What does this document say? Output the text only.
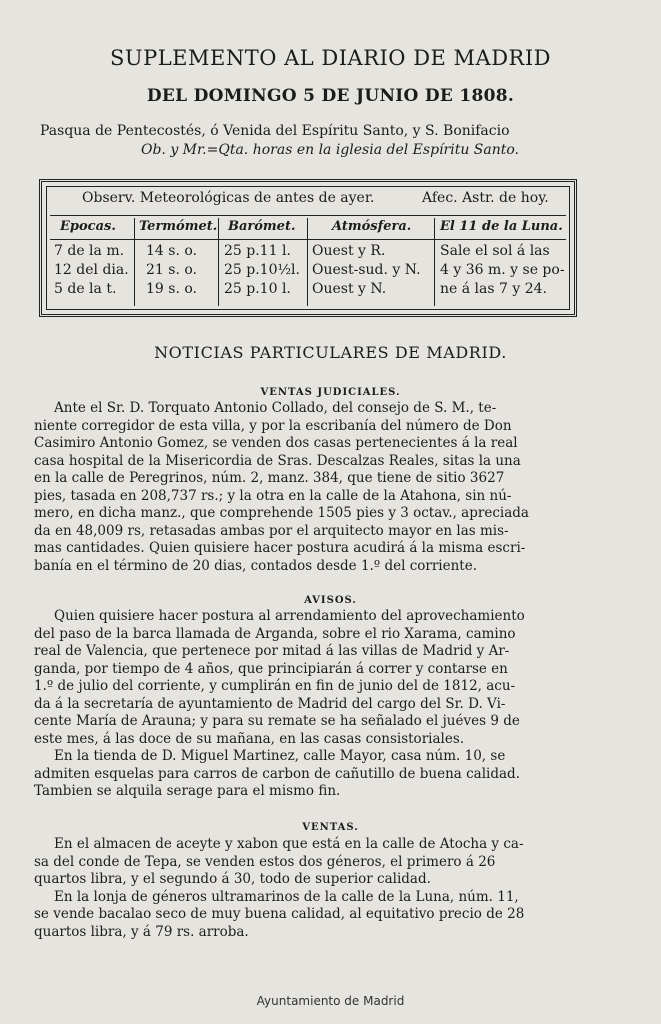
SUPLEMENTO AL DIARIO DE MADRID
DEL DOMINGO 5 DE JUNIO DE 1808.
Pasqua de Pentecostés, ó Venida del Espíritu Santo, y S. Bonifacio
Ob. y Mr.=Qta. horas en la iglesia del Espíritu Santo.
Observ. Meteorológicas de antes de ayer.	Afec. Astr. de hoy.
Epocas. Termómet. Barómet.	Atmósfera. El 11 de la Luna.
7 de la m.
12 del dia.
5 de la t.
14 s. o.
21 s. o.
19 s. o.
25 p.11 l.
25 p.10½l.
25 p.10 l.
Ouest y R.
Ouest-sud. y N.
Ouest y N.
Sale el sol á las
4 y 36 m. y se po-
ne á las 7 y 24.
NOTICIAS PARTICULARES DE MADRID.
VENTAS JUDICIALES.
Ante el Sr. D. Torquato Antonio Collado, del consejo de S. M., te-
niente corregidor de esta villa, y por la escribanía del número de Don
Casimiro Antonio Gomez, se venden dos casas pertenecientes á la real
casa hospital de la Misericordia de Sras. Descalzas Reales, sitas la una
en la calle de Peregrinos, núm. 2, manz. 384, que tiene de sitio 3627
pies, tasada en 208,737 rs.; y la otra en la calle de la Atahona, sin nú-
mero, en dicha manz., que comprehende 1505 pies y 3 octav., apreciada
da en 48,009 rs, retasadas ambas por el arquitecto mayor en las mis-
mas cantidades. Quien quisiere hacer postura acudirá á la misma escri-
banía en el término de 20 dias, contados desde 1.º del corriente.
AVISOS.
Quien quisiere hacer postura al arrendamiento del aprovechamiento
del paso de la barca llamada de Arganda, sobre el rio Xarama, camino
real de Valencia, que pertenece por mitad á las villas de Madrid y Ar-
ganda, por tiempo de 4 años, que principiarán á correr y contarse en
1.º de julio del corriente, y cumplirán en fin de junio del de 1812, acu-
da á la secretaría de ayuntamiento de Madrid del cargo del Sr. D. Vi-
cente María de Arauna; y para su remate se ha señalado el juéves 9 de
este mes, á las doce de su mañana, en las casas consistoriales.
En la tienda de D. Miguel Martinez, calle Mayor, casa núm. 10, se
admiten esquelas para carros de carbon de cañutillo de buena calidad.
Tambien se alquila serage para el mismo fin.
VENTAS.
En el almacen de aceyte y xabon que está en la calle de Atocha y ca-
sa del conde de Tepa, se venden estos dos géneros, el primero á 26
quartos libra, y el segundo á 30, todo de superior calidad.
En la lonja de géneros ultramarinos de la calle de la Luna, núm. 11,
se vende bacalao seco de muy buena calidad, al equitativo precio de 28
quartos libra, y á 79 rs. arroba.
Ayuntamiento de Madrid
